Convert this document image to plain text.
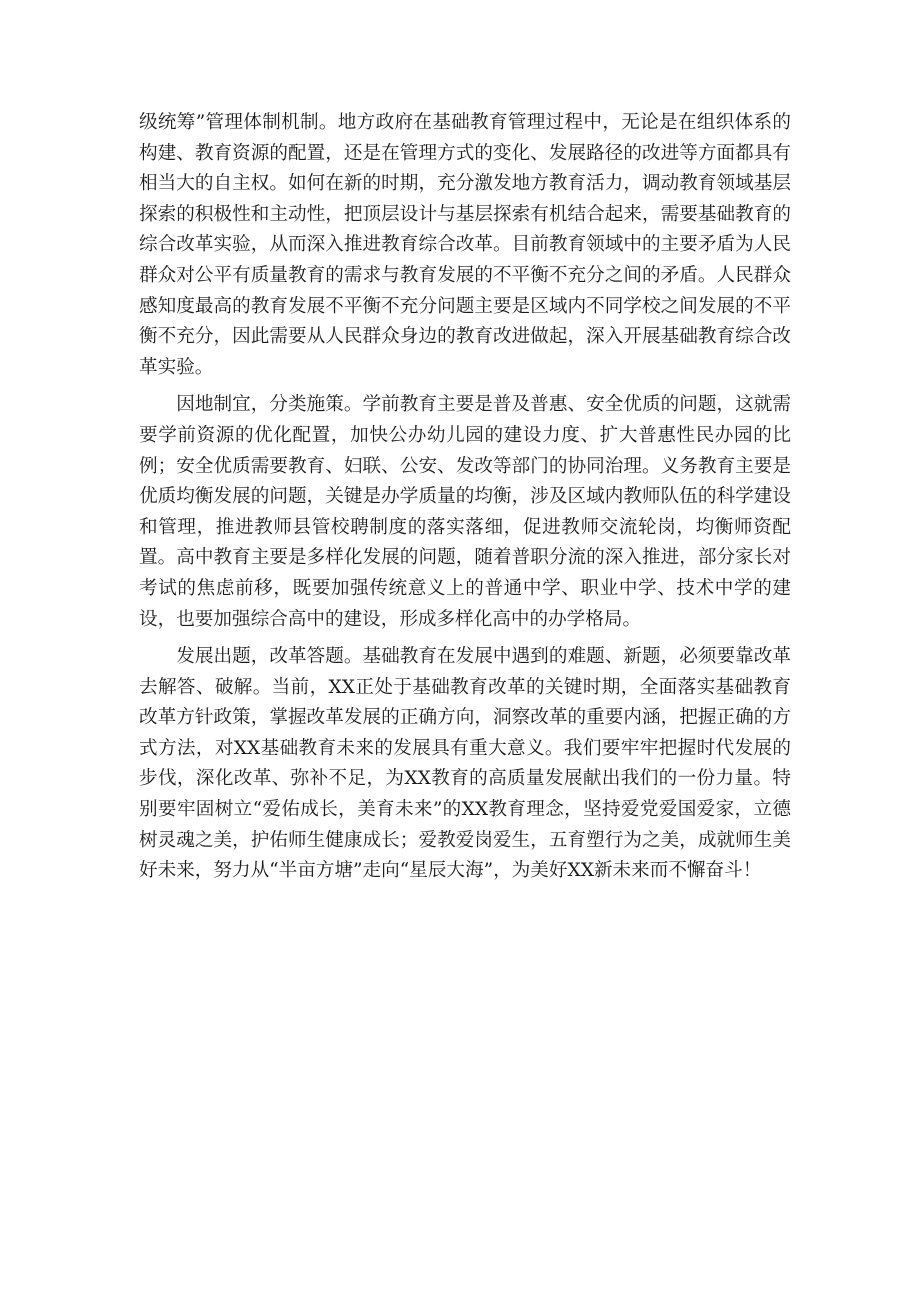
级统筹”管理体制机制。地方政府在基础教育管理过程中，无论是在组织体系的构建、教育资源的配置，还是在管理方式的变化、发展路径的改进等方面都具有相当大的自主权。如何在新的时期，充分激发地方教育活力，调动教育领域基层探索的积极性和主动性，把顶层设计与基层探索有机结合起来，需要基础教育的综合改革实验，从而深入推进教育综合改革。目前教育领域中的主要矛盾为人民群众对公平有质量教育的需求与教育发展的不平衡不充分之间的矛盾。人民群众感知度最高的教育发展不平衡不充分问题主要是区域内不同学校之间发展的不平衡不充分，因此需要从人民群众身边的教育改进做起，深入开展基础教育综合改革实验。

因地制宜，分类施策。学前教育主要是普及普惠、安全优质的问题，这就需要学前资源的优化配置，加快公办幼儿园的建设力度、扩大普惠性民办园的比例；安全优质需要教育、妇联、公安、发改等部门的协同治理。义务教育主要是优质均衡发展的问题，关键是办学质量的均衡，涉及区域内教师队伍的科学建设和管理，推进教师县管校聘制度的落实落细，促进教师交流轮岗，均衡师资配置。高中教育主要是多样化发展的问题，随着普职分流的深入推进，部分家长对考试的焦虑前移，既要加强传统意义上的普通中学、职业中学、技术中学的建设，也要加强综合高中的建设，形成多样化高中的办学格局。

发展出题，改革答题。基础教育在发展中遇到的难题、新题，必须要靠改革去解答、破解。当前，XX正处于基础教育改革的关键时期，全面落实基础教育改革方针政策，掌握改革发展的正确方向，洞察改革的重要内涵，把握正确的方式方法，对XX基础教育未来的发展具有重大意义。我们要牢牢把握时代发展的步伐，深化改革、弥补不足，为XX教育的高质量发展献出我们的一份力量。特别要牢固树立“爱佑成长，美育未来”的XX教育理念，坚持爱党爱国爱家，立德树灵魂之美，护佑师生健康成长；爱教爱岗爱生，五育塑行为之美，成就师生美好未来，努力从“半亩方塘”走向“星辰大海”，为美好XX新未来而不懈奋斗！
